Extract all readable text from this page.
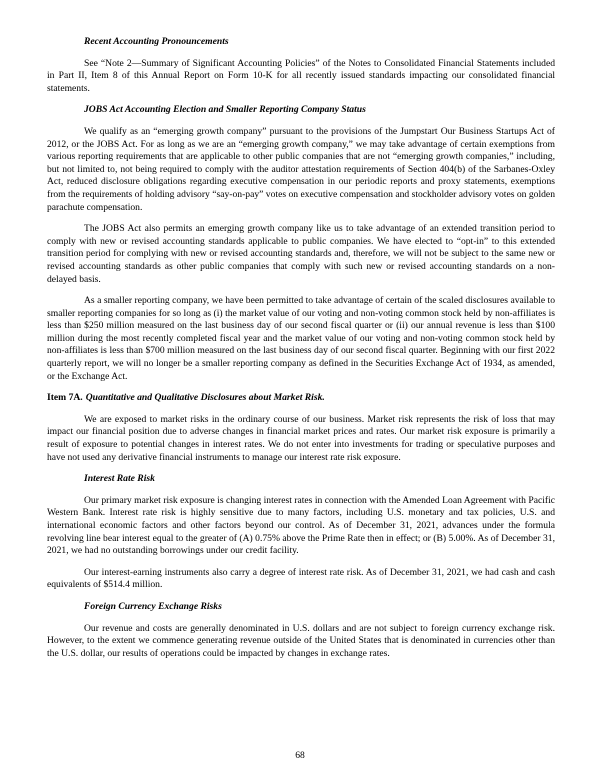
Recent Accounting Pronouncements

See “Note 2—Summary of Significant Accounting Policies” of the Notes to Consolidated Financial Statements included in Part II, Item 8 of this Annual Report on Form 10-K for all recently issued standards impacting our consolidated financial statements.

JOBS Act Accounting Election and Smaller Reporting Company Status

We qualify as an “emerging growth company” pursuant to the provisions of the Jumpstart Our Business Startups Act of 2012, or the JOBS Act. For as long as we are an “emerging growth company,” we may take advantage of certain exemptions from various reporting requirements that are applicable to other public companies that are not “emerging growth companies,” including, but not limited to, not being required to comply with the auditor attestation requirements of Section 404(b) of the Sarbanes-Oxley Act, reduced disclosure obligations regarding executive compensation in our periodic reports and proxy statements, exemptions from the requirements of holding advisory “say-on-pay” votes on executive compensation and stockholder advisory votes on golden parachute compensation.

The JOBS Act also permits an emerging growth company like us to take advantage of an extended transition period to comply with new or revised accounting standards applicable to public companies. We have elected to “opt-in” to this extended transition period for complying with new or revised accounting standards and, therefore, we will not be subject to the same new or revised accounting standards as other public companies that comply with such new or revised accounting standards on a non-delayed basis.

As a smaller reporting company, we have been permitted to take advantage of certain of the scaled disclosures available to smaller reporting companies for so long as (i) the market value of our voting and non-voting common stock held by non-affiliates is less than $250 million measured on the last business day of our second fiscal quarter or (ii) our annual revenue is less than $100 million during the most recently completed fiscal year and the market value of our voting and non-voting common stock held by non-affiliates is less than $700 million measured on the last business day of our second fiscal quarter. Beginning with our first 2022 quarterly report, we will no longer be a smaller reporting company as defined in the Securities Exchange Act of 1934, as amended, or the Exchange Act.

Item 7A. Quantitative and Qualitative Disclosures about Market Risk.

We are exposed to market risks in the ordinary course of our business. Market risk represents the risk of loss that may impact our financial position due to adverse changes in financial market prices and rates. Our market risk exposure is primarily a result of exposure to potential changes in interest rates. We do not enter into investments for trading or speculative purposes and have not used any derivative financial instruments to manage our interest rate risk exposure.

Interest Rate Risk

Our primary market risk exposure is changing interest rates in connection with the Amended Loan Agreement with Pacific Western Bank. Interest rate risk is highly sensitive due to many factors, including U.S. monetary and tax policies, U.S. and international economic factors and other factors beyond our control. As of December 31, 2021, advances under the formula revolving line bear interest equal to the greater of (A) 0.75% above the Prime Rate then in effect; or (B) 5.00%. As of December 31, 2021, we had no outstanding borrowings under our credit facility.

Our interest-earning instruments also carry a degree of interest rate risk. As of December 31, 2021, we had cash and cash equivalents of $514.4 million.

Foreign Currency Exchange Risks

Our revenue and costs are generally denominated in U.S. dollars and are not subject to foreign currency exchange risk. However, to the extent we commence generating revenue outside of the United States that is denominated in currencies other than the U.S. dollar, our results of operations could be impacted by changes in exchange rates.

68
